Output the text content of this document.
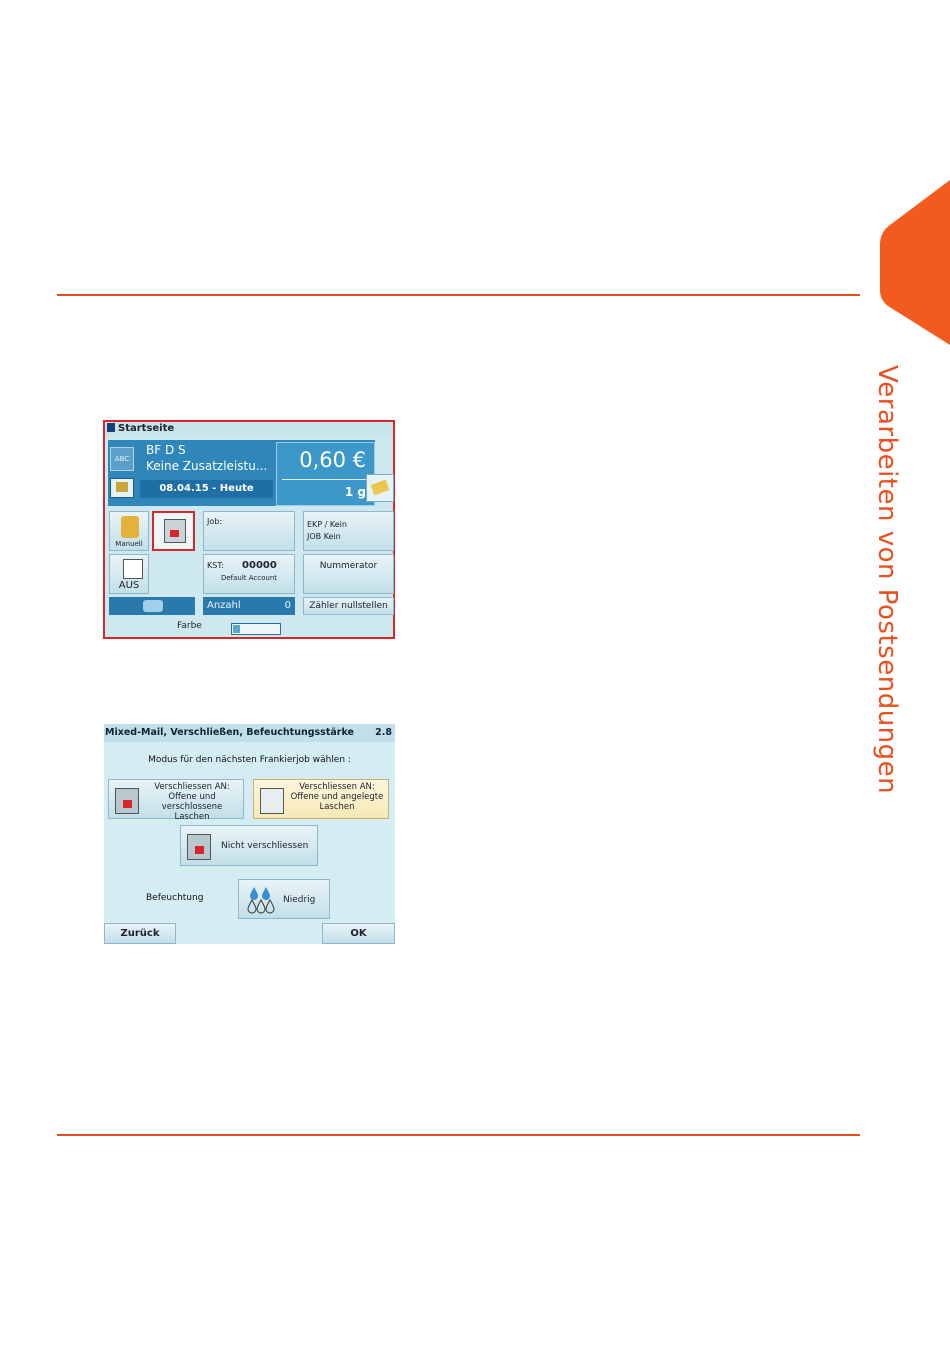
Verarbeiten von Postsendungen
Startseite
ABC
BF D S
Keine Zusatzleistu...
08.04.15 - Heute
0,60 €
1 g
Manuell
AUS
Job:	EKP / Kein
JOB Kein
KST: 00000
Default Account
Nummerator
Anzahl	0	Zähler nullstellen
Farbe
Mixed-Mail, Verschließen, Befeuchtungsstärke 2.8
Modus für den nächsten Frankierjob wählen :
Verschliessen AN: Offene und verschlossene Laschen
Verschliessen AN: Offene und angelegte Laschen
Nicht verschliessen
Befeuchtung	Niedrig
Zurück	OK
